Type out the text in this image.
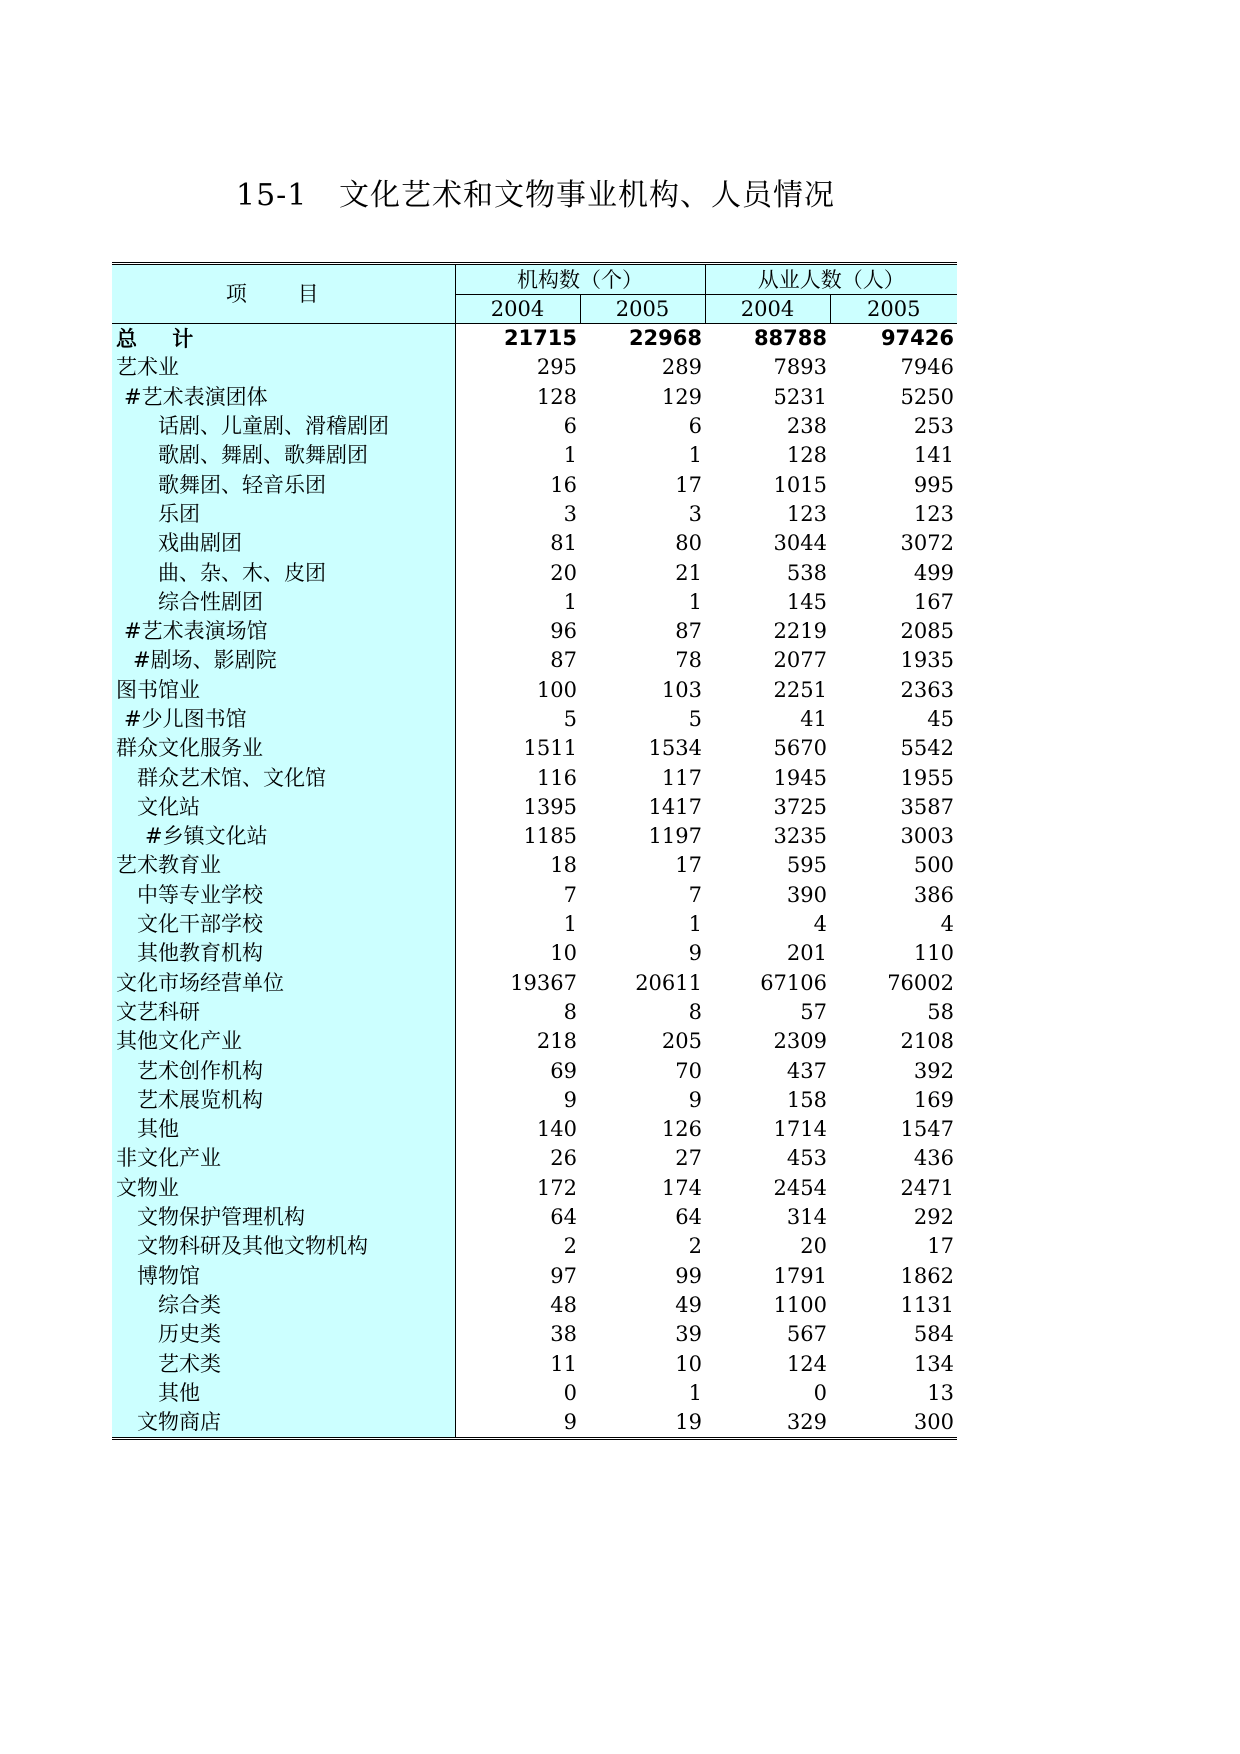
15-1   文化艺术和文物事业机构、人员情况
项 目	机构数（个）		从业人数（人）	
	2004	2005	2004	2005
总 计	21715	22968	88788	97426
艺术业	295	289	7893	7946
#艺术表演团体	128	129	5231	5250
话剧、儿童剧、滑稽剧团	6	6	238	253
歌剧、舞剧、歌舞剧团	1	1	128	141
歌舞团、轻音乐团	16	17	1015	995
乐团	3	3	123	123
戏曲剧团	81	80	3044	3072
曲、杂、木、皮团	20	21	538	499
综合性剧团	1	1	145	167
#艺术表演场馆	96	87	2219	2085
#剧场、影剧院	87	78	2077	1935
图书馆业	100	103	2251	2363
#少儿图书馆	5	5	41	45
群众文化服务业	1511	1534	5670	5542
群众艺术馆、文化馆	116	117	1945	1955
文化站	1395	1417	3725	3587
#乡镇文化站	1185	1197	3235	3003
艺术教育业	18	17	595	500
中等专业学校	7	7	390	386
文化干部学校	1	1	4	4
其他教育机构	10	9	201	110
文化市场经营单位	19367	20611	67106	76002
文艺科研	8	8	57	58
其他文化产业	218	205	2309	2108
艺术创作机构	69	70	437	392
艺术展览机构	9	9	158	169
其他	140	126	1714	1547
非文化产业	26	27	453	436
文物业	172	174	2454	2471
文物保护管理机构	64	64	314	292
文物科研及其他文物机构	2	2	20	17
博物馆	97	99	1791	1862
综合类	48	49	1100	1131
历史类	38	39	567	584
艺术类	11	10	124	134
其他	0	1	0	13
文物商店	9	19	329	300
